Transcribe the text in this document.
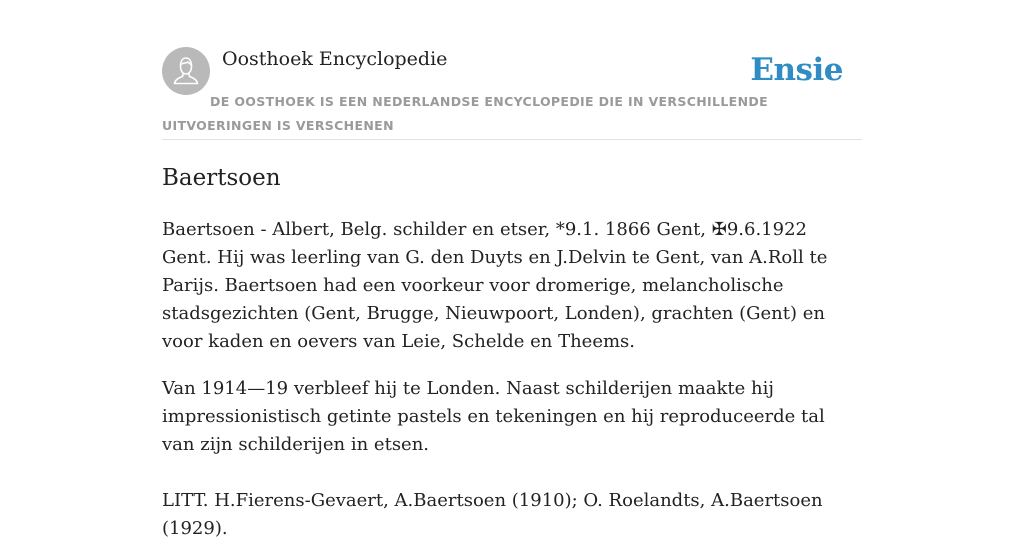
Oosthoek Encyclopedie	Ensie
DE OOSTHOEK IS EEN NEDERLANDSE ENCYCLOPEDIE DIE IN VERSCHILLENDE UITVOERINGEN IS VERSCHENEN
Baertsoen

Baertsoen - Albert, Belg. schilder en etser, *9.1. 1866 Gent, ✠9.6.1922 Gent. Hij was leerling van G. den Duyts en J.Delvin te Gent, van A.Roll te Parijs. Baertsoen had een voorkeur voor dromerige, melancholische stadsgezichten (Gent, Brugge, Nieuwpoort, Londen), grachten (Gent) en voor kaden en oevers van Leie, Schelde en Theems.

Van 1914—19 verbleef hij te Londen. Naast schilderijen maakte hij impressionistisch getinte pastels en tekeningen en hij reproduceerde tal van zijn schilderijen in etsen.

LITT. H.Fierens-Gevaert, A.Baertsoen (1910); O. Roelandts, A.Baertsoen (1929).
